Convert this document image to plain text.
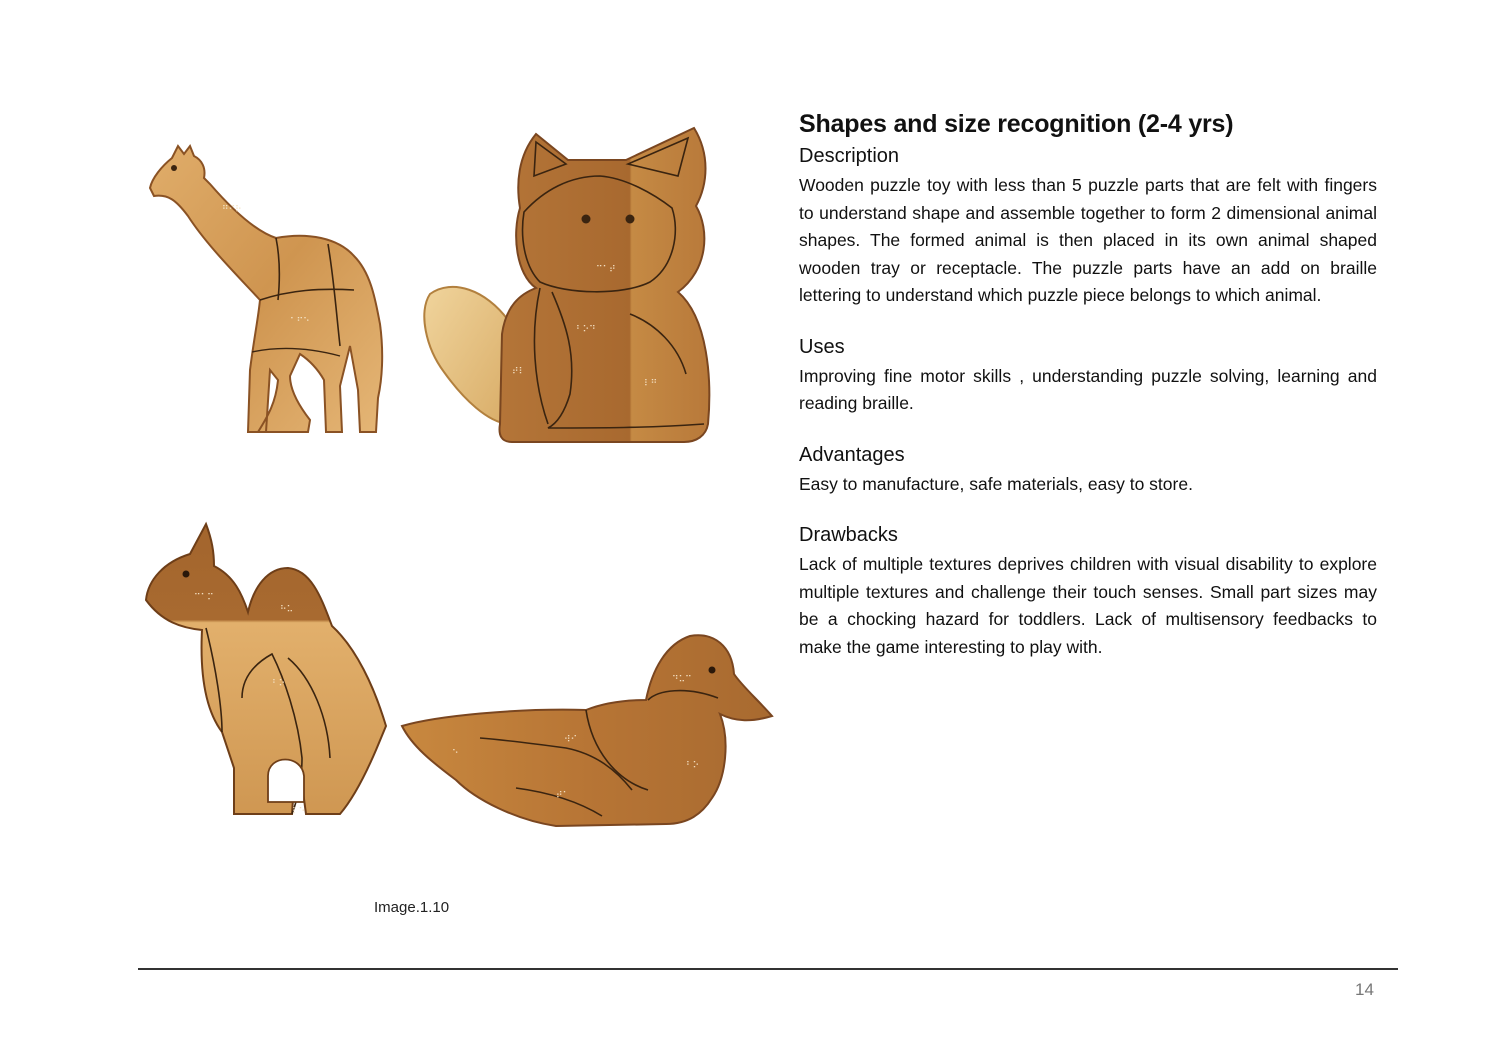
⠛⠊⠗
⠁⠋⠑
⠉⠁⠞
⠃⠕⠙
⠞⠇
⠇⠛
⠉⠁⠍
⠓⠥
⠃⠕
⠇⠑
⠙⠥⠉
⠺⠊
⠃⠕
⠞⠁
⠑
Image.1.10
Shapes and size recognition (2-4 yrs)
Description

Wooden puzzle toy with less than 5 puzzle parts that are felt with fingers to understand shape and assemble together to form 2 dimensional animal shapes. The formed animal is then placed in its own animal shaped wooden tray or receptacle. The puzzle parts have an add on braille lettering to understand which puzzle piece belongs to which animal.

Uses

Improving fine motor skills , understanding puzzle solving, learning and reading braille.

Advantages

Easy to manufacture, safe materials, easy to store.

Drawbacks

Lack of multiple textures deprives children with visual disability to explore multiple textures and challenge their touch senses. Small part sizes may be a chocking hazard for toddlers. Lack of multisensory feedbacks to make the game interesting to play with.

14
